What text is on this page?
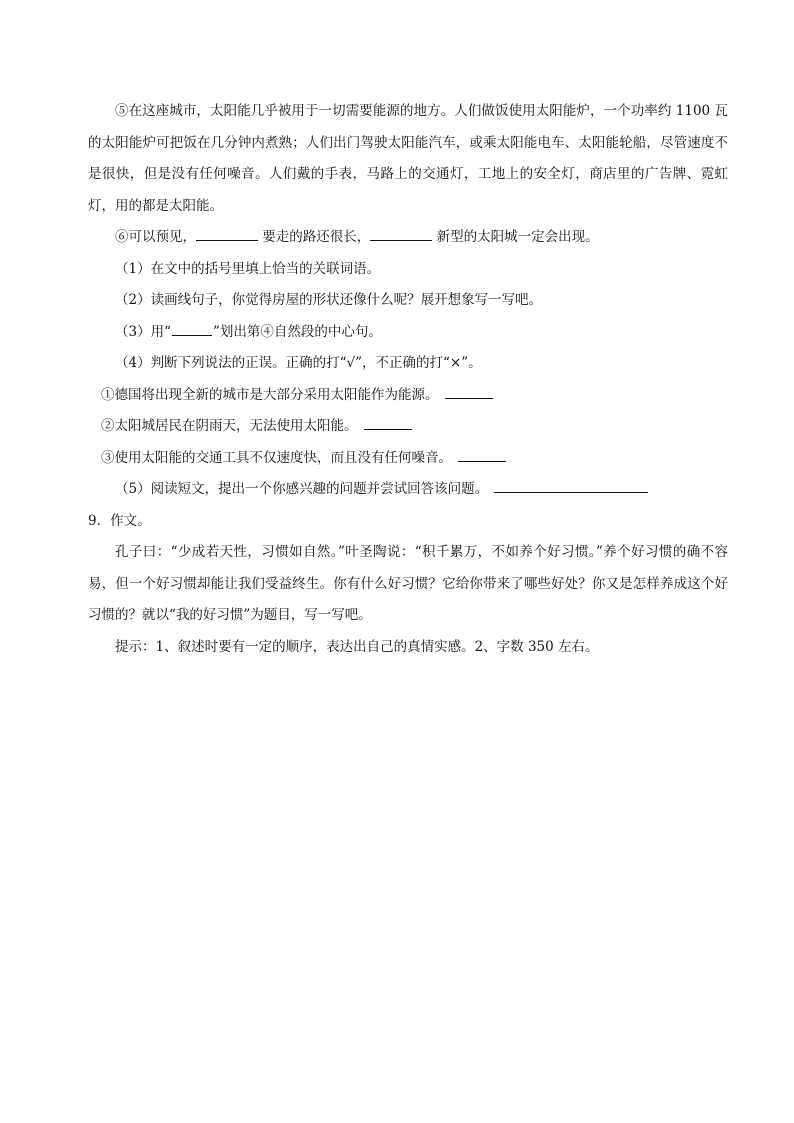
⑤在这座城市，太阳能几乎被用于一切需要能源的地方。人们做饭使用太阳能炉，一个功率约 1100 瓦的太阳能炉可把饭在几分钟内煮熟；人们出门驾驶太阳能汽车，或乘太阳能电车、太阳能轮船，尽管速度不是很快，但是没有任何噪音。人们戴的手表，马路上的交通灯，工地上的安全灯，商店里的广告牌、霓虹灯，用的都是太阳能。

⑥可以预见，	要走的路还很长，	新型的太阳城一定会出现。

（1）在文中的括号里填上恰当的关联词语。

（2）读画线句子，你觉得房屋的形状还像什么呢？展开想象写一写吧。

（3）用“	”划出第④自然段的中心句。

（4）判断下列说法的正误。正确的打“√”，不正确的打“×”。

①德国将出现全新的城市是大部分采用太阳能作为能源。

②太阳城居民在阴雨天，无法使用太阳能。

③使用太阳能的交通工具不仅速度快，而且没有任何噪音。

（5）阅读短文，提出一个你感兴趣的问题并尝试回答该问题。

9．作文。

孔子曰：“少成若天性，习惯如自然。”叶圣陶说：“积千累万，不如养个好习惯。”养个好习惯的确不容易，但一个好习惯却能让我们受益终生。你有什么好习惯？它给你带来了哪些好处？你又是怎样养成这个好习惯的？就以“我的好习惯”为题目，写一写吧。

提示：1、叙述时要有一定的顺序，表达出自己的真情实感。2、字数 350 左右。
